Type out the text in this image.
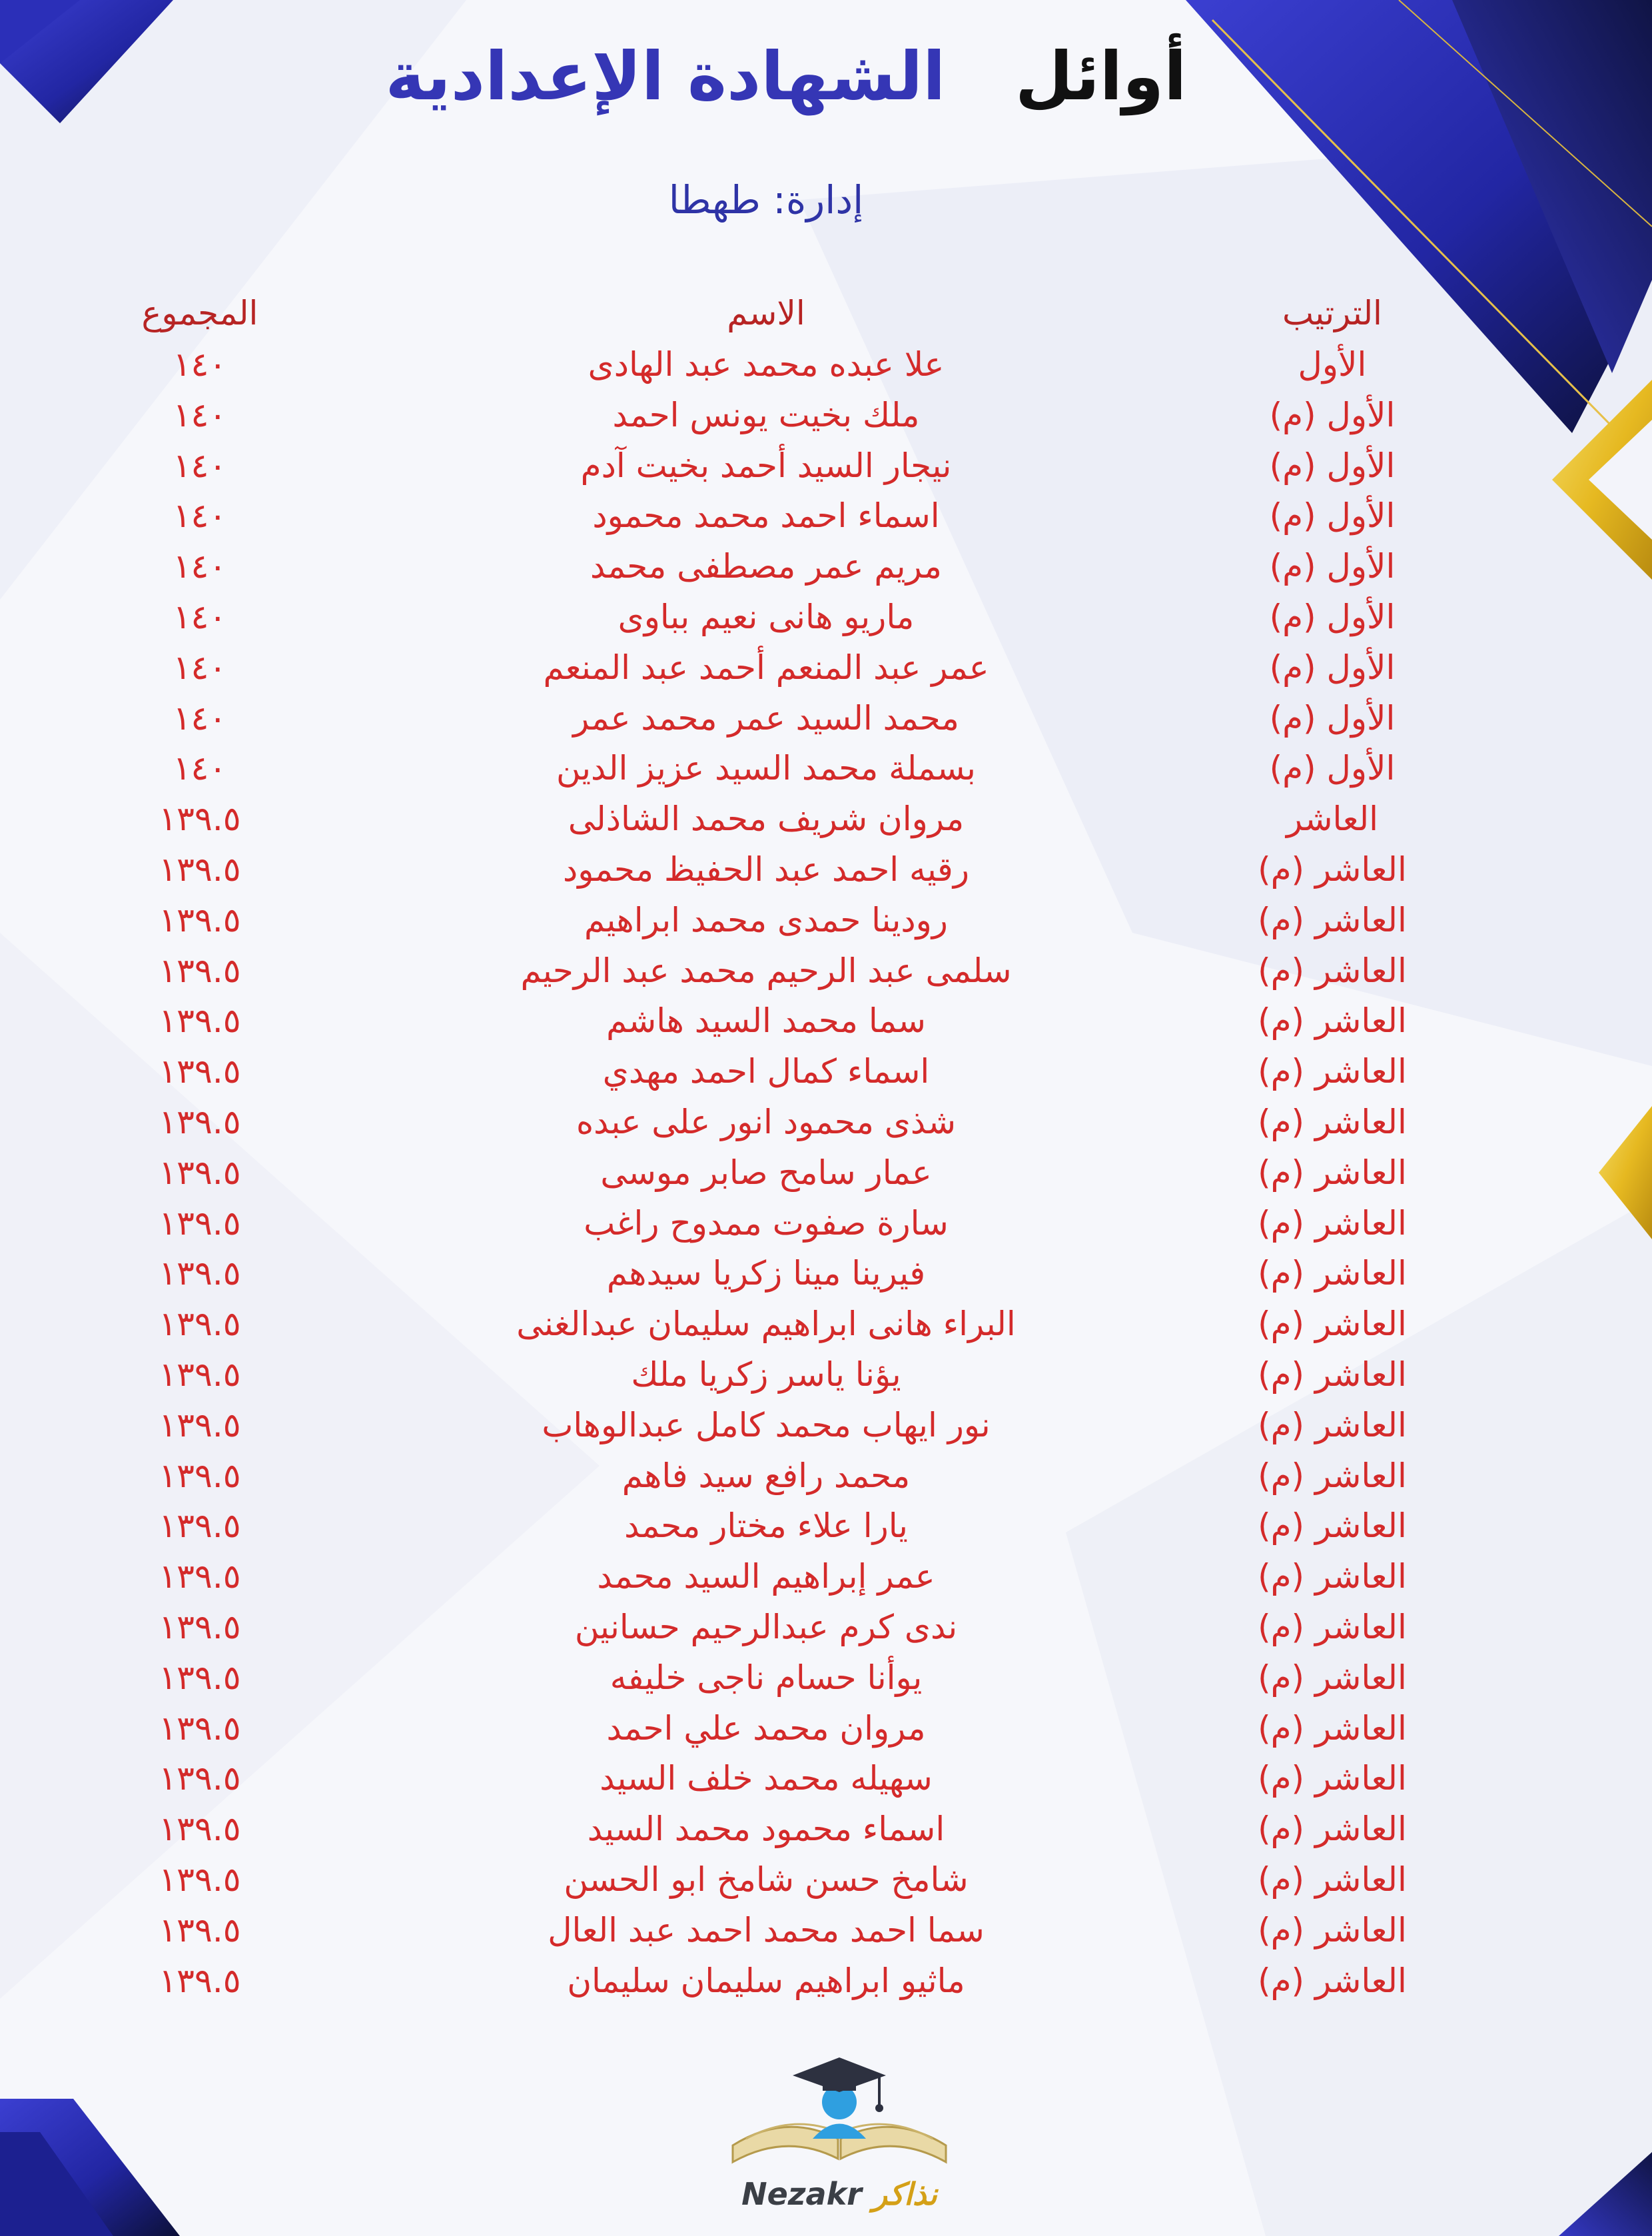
أوائل   الشهادة الإعدادية
إدارة: طهطا
الترتيب
الاسم
المجموع
الأول
علا عبده محمد عبد الهادى
١٤٠
الأول (م)
ملك بخيت يونس احمد
١٤٠
الأول (م)
نيجار السيد أحمد بخيت آدم
١٤٠
الأول (م)
اسماء احمد محمد محمود
١٤٠
الأول (م)
مريم عمر مصطفى محمد
١٤٠
الأول (م)
ماريو هانى نعيم بباوى
١٤٠
الأول (م)
عمر عبد المنعم أحمد عبد المنعم
١٤٠
الأول (م)
محمد السيد عمر محمد عمر
١٤٠
الأول (م)
بسملة محمد السيد عزيز الدين
١٤٠
العاشر
مروان شريف محمد الشاذلى
١٣٩.٥
العاشر (م)
رقيه احمد عبد الحفيظ محمود
١٣٩.٥
العاشر (م)
رودينا حمدى محمد ابراهيم
١٣٩.٥
العاشر (م)
سلمى عبد الرحيم محمد عبد الرحيم
١٣٩.٥
العاشر (م)
سما محمد السيد هاشم
١٣٩.٥
العاشر (م)
اسماء كمال احمد مهدي
١٣٩.٥
العاشر (م)
شذى محمود انور على عبده
١٣٩.٥
العاشر (م)
عمار سامح صابر موسى
١٣٩.٥
العاشر (م)
سارة صفوت ممدوح راغب
١٣٩.٥
العاشر (م)
فيرينا مينا زكريا سيدهم
١٣٩.٥
العاشر (م)
البراء هانى ابراهيم سليمان عبدالغنى
١٣٩.٥
العاشر (م)
يؤنا ياسر زكريا ملك
١٣٩.٥
العاشر (م)
نور ايهاب محمد كامل عبدالوهاب
١٣٩.٥
العاشر (م)
محمد رافع سيد فاهم
١٣٩.٥
العاشر (م)
يارا علاء مختار محمد
١٣٩.٥
العاشر (م)
عمر إبراهيم السيد محمد
١٣٩.٥
العاشر (م)
ندى كرم عبدالرحيم حسانين
١٣٩.٥
العاشر (م)
يوأنا حسام ناجى خليفه
١٣٩.٥
العاشر (م)
مروان محمد علي احمد
١٣٩.٥
العاشر (م)
سهيله محمد خلف السيد
١٣٩.٥
العاشر (م)
اسماء محمود محمد السيد
١٣٩.٥
العاشر (م)
شامخ حسن شامخ ابو الحسن
١٣٩.٥
العاشر (م)
سما احمد محمد احمد عبد العال
١٣٩.٥
العاشر (م)
ماثيو ابراهيم سليمان سليمان
١٣٩.٥
Nezakr نذاكر
